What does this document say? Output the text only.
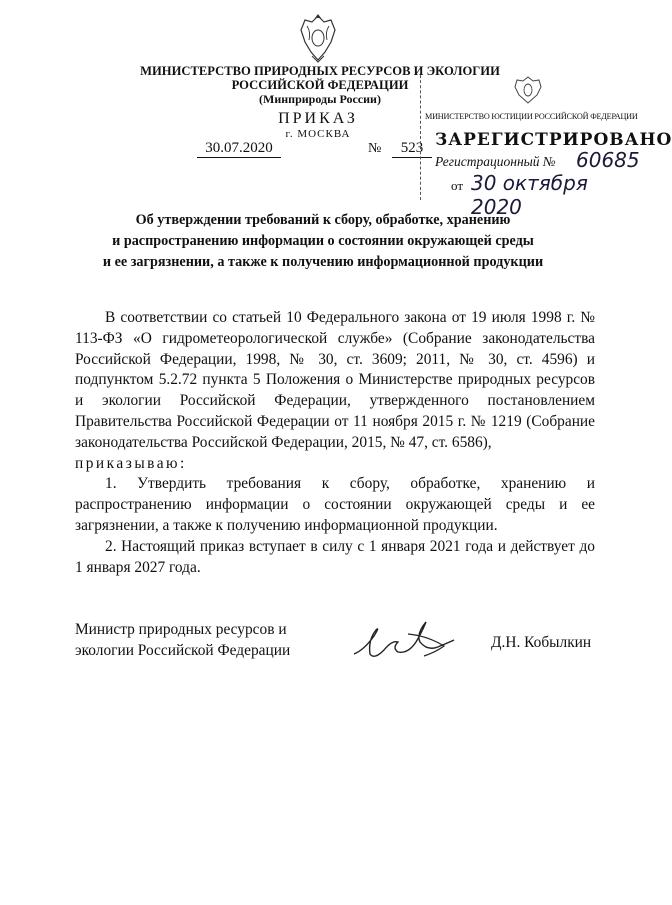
МИНИСТЕРСТВО ПРИРОДНЫХ РЕСУРСОВ И ЭКОЛОГИИ
РОССИЙСКОЙ ФЕДЕРАЦИИ
(Минприроды России)
ПРИКАЗ
г. МОСКВА
30.07.2020	№	523
МИНИСТЕРСТВО ЮСТИЦИИ РОССИЙСКОЙ ФЕДЕРАЦИИ
ЗАРЕГИСТРИРОВАНО
Регистрационный № 60685
от 30 октября 2020
Об утверждении требований к сбору, обработке, хранению
и распространению информации о состоянии окружающей среды
и ее загрязнении, а также к получению информационной продукции

В соответствии со статьей 10 Федерального закона от 19 июля 1998 г. № 113-ФЗ «О гидрометеорологической службе» (Собрание законодательства Российской Федерации, 1998, № 30, ст. 3609; 2011, № 30, ст. 4596) и подпунктом 5.2.72 пункта 5 Положения о Министерстве природных ресурсов и экологии Российской Федерации, утвержденного постановлением Правительства Российской Федерации от 11 ноября 2015 г. № 1219 (Собрание законодательства Российской Федерации, 2015, № 47, ст. 6586),
приказываю:

1. Утвердить требования к сбору, обработке, хранению и распространению информации о состоянии окружающей среды и ее загрязнении, а также к получению информационной продукции.

2. Настоящий приказ вступает в силу с 1 января 2021 года и действует до 1 января 2027 года.

Министр природных ресурсов и
экологии Российской Федерации	Д.Н. Кобылкин
